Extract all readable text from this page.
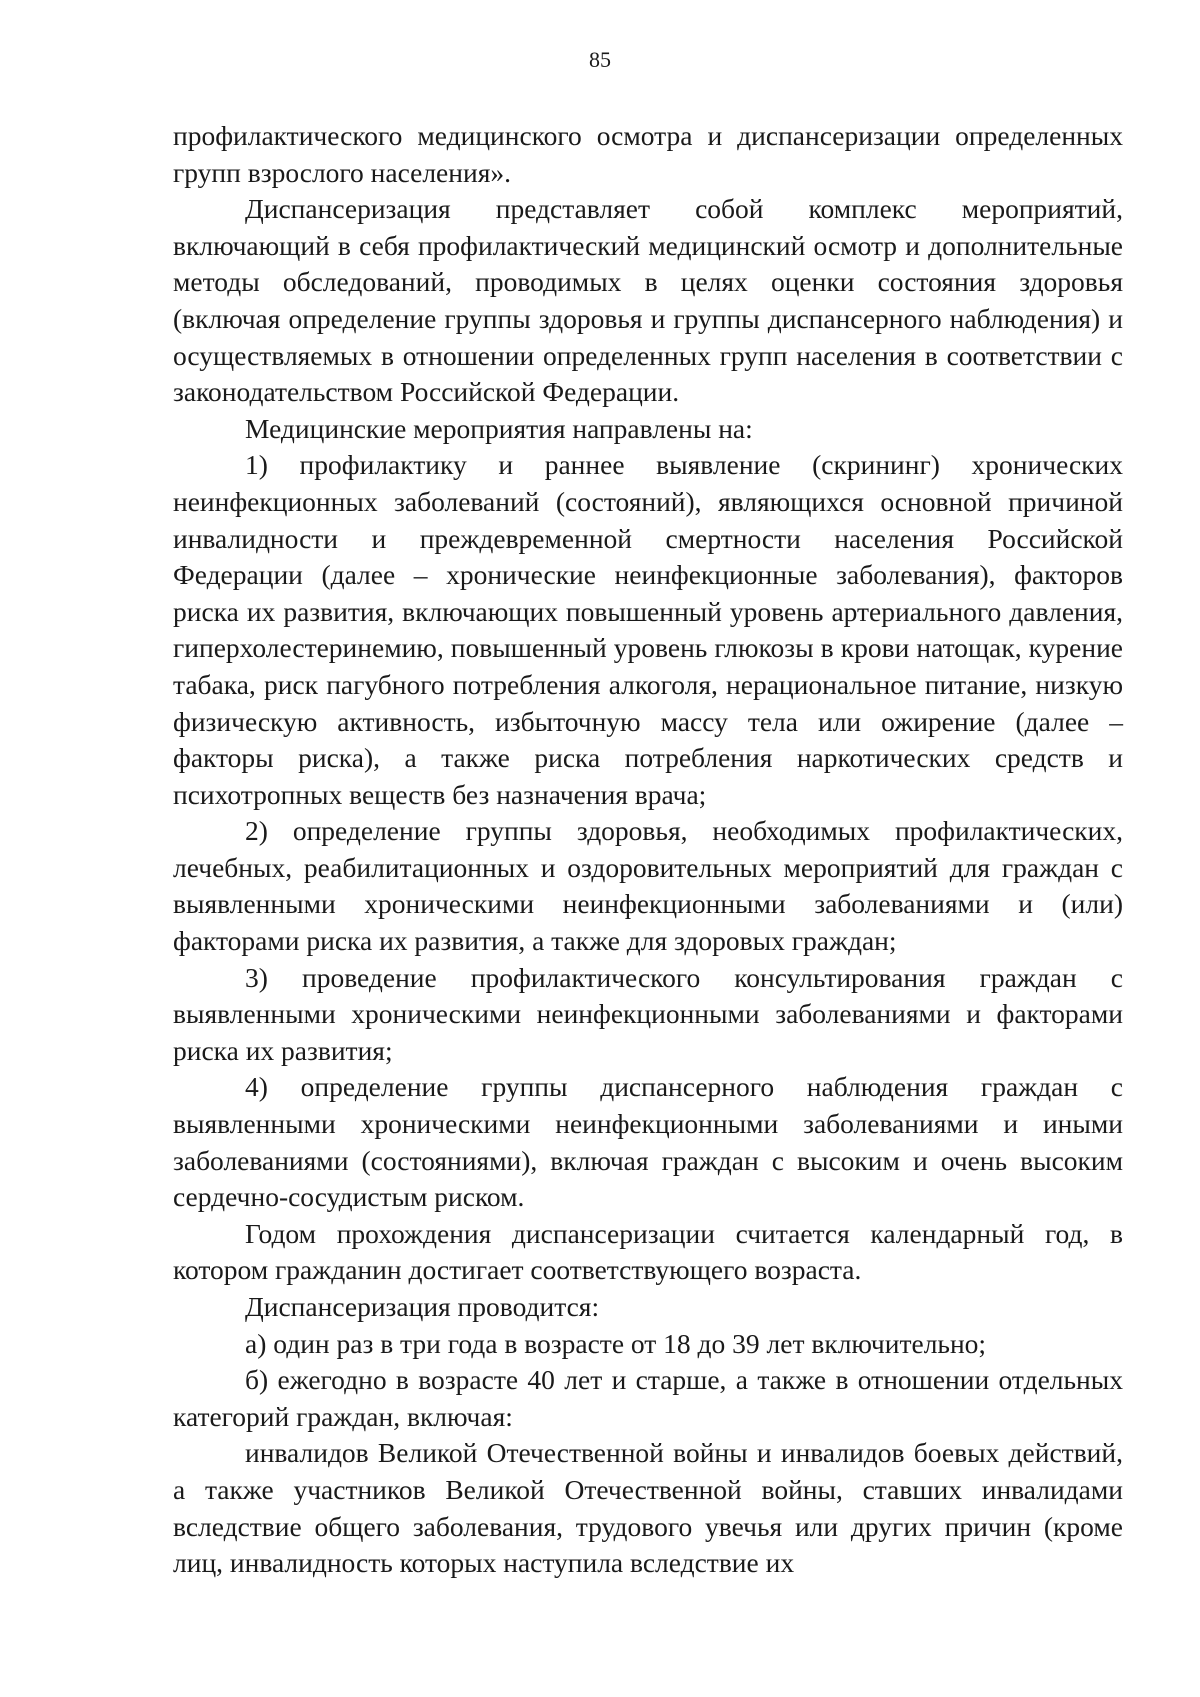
85

профилактического медицинского осмотра и диспансеризации определенных групп взрослого населения».

Диспансеризация представляет собой комплекс мероприятий, включающий в себя профилактический медицинский осмотр и дополнительные методы обследований, проводимых в целях оценки состояния здоровья (включая определение группы здоровья и группы диспансерного наблюдения) и осуществляемых в отношении определенных групп населения в соответствии с законодательством Российской Федерации.

Медицинские мероприятия направлены на:

1) профилактику и раннее выявление (скрининг) хронических неинфекционных заболеваний (состояний), являющихся основной причиной инвалидности и преждевременной смертности населения Российской Федерации (далее – хронические неинфекционные заболевания), факторов риска их развития, включающих повышенный уровень артериального давления, гиперхолестеринемию, повышенный уровень глюкозы в крови натощак, курение табака, риск пагубного потребления алкоголя, нерациональное питание, низкую физическую активность, избыточную массу тела или ожирение (далее – факторы риска), а также риска потребления наркотических средств и психотропных веществ без назначения врача;

2) определение группы здоровья, необходимых профилактических, лечебных, реабилитационных и оздоровительных мероприятий для граждан с выявленными хроническими неинфекционными заболеваниями и (или) факторами риска их развития, а также для здоровых граждан;

3) проведение профилактического консультирования граждан с выявленными хроническими неинфекционными заболеваниями и факторами риска их развития;

4) определение группы диспансерного наблюдения граждан с выявленными хроническими неинфекционными заболеваниями и иными заболеваниями (состояниями), включая граждан с высоким и очень высоким сердечно-сосудистым риском.

Годом прохождения диспансеризации считается календарный год, в котором гражданин достигает соответствующего возраста.

Диспансеризация проводится:

а) один раз в три года в возрасте от 18 до 39 лет включительно;

б) ежегодно в возрасте 40 лет и старше, а также в отношении отдельных категорий граждан, включая:

инвалидов Великой Отечественной войны и инвалидов боевых действий, а также участников Великой Отечественной войны, ставших инвалидами вследствие общего заболевания, трудового увечья или других причин (кроме лиц, инвалидность которых наступила вследствие их
